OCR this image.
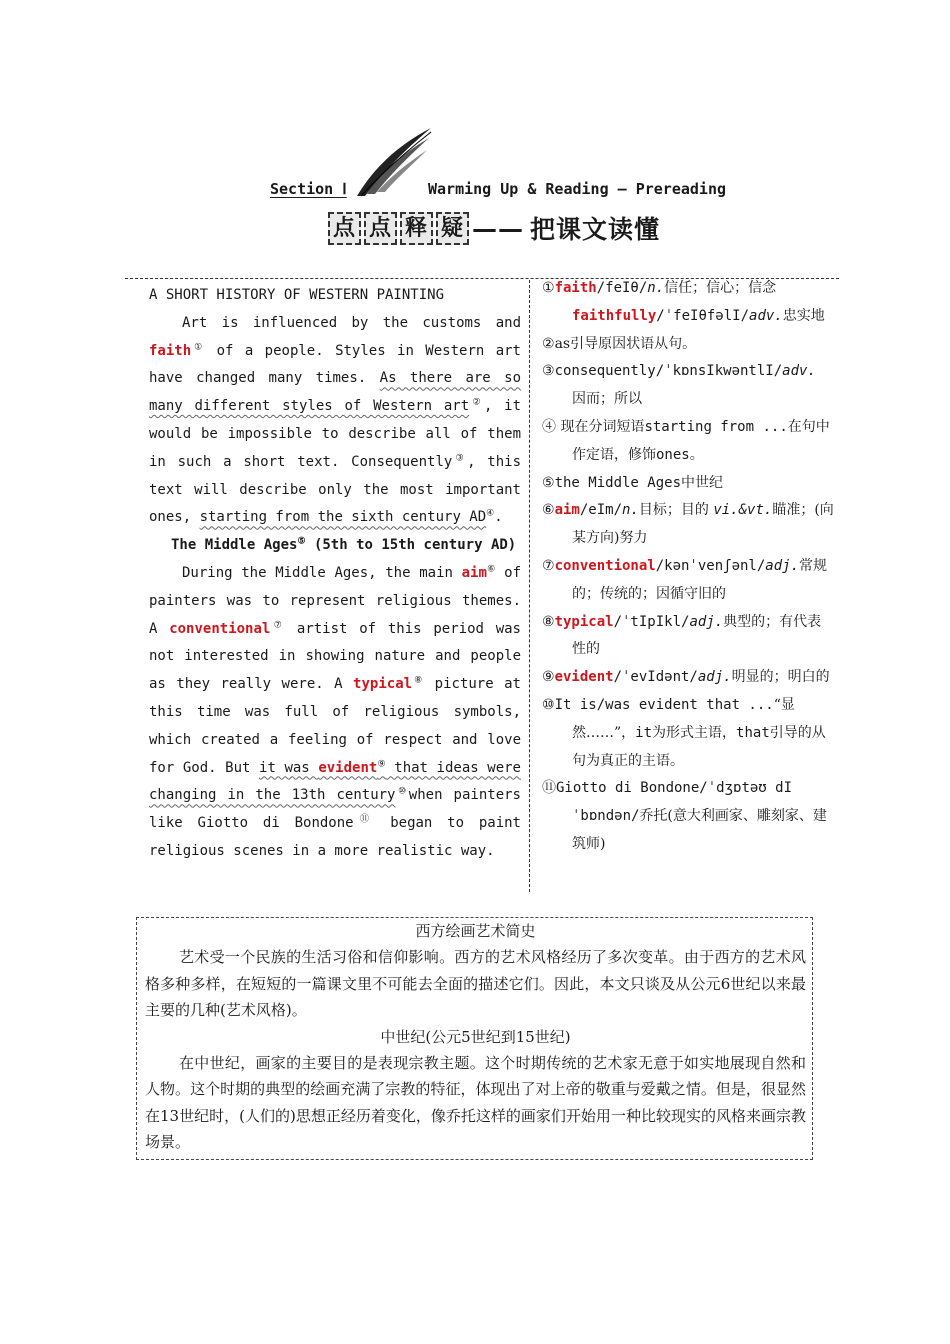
Section Ⅰ	Warming Up & Reading — Prereading
点 点 释 疑 —— 把课文读懂

A SHORT HISTORY OF WESTERN PAINTING

Art is influenced by the customs and faith① of a people. Styles in Western art have changed many times. As there are so many different styles of Western art②, it would be impossible to describe all of them in such a short text. Consequently③, this text will describe only the most important ones, starting from the sixth century AD④.

The Middle Ages⑤ (5th to 15th century AD)

During the Middle Ages, the main aim⑥ of painters was to represent religious themes. A conventional⑦ artist of this period was not interested in showing nature and people as they really were. A typical⑧ picture at this time was full of religious symbols, which created a feeling of respect and love for God. But it was evident⑨ that ideas were changing in the 13th century⑩when painters like Giotto di Bondone⑪ began to paint religious scenes in a more realistic way.

①faith/feIθ/n.信任；信心；信念
faithfully/ˈfeIθfəlI/adv.忠实地

②as引导原因状语从句。

③consequently/ˈkɒnsIkwəntlI/adv.
因而；所以

④ 现在分词短语starting from ...在句中作定语，修饰ones。

⑤the Middle Ages中世纪

⑥aim/eIm/n.目标；目的 vi.&vt.瞄准；(向某方向)努力

⑦conventional/kənˈvenʃənl/adj.常规的；传统的；因循守旧的

⑧typical/ˈtIpIkl/adj.典型的；有代表性的

⑨evident/ˈevIdənt/adj.明显的；明白的

⑩It is/was evident that ...“显然……”，it为形式主语，that引导的从句为真正的主语。

⑪Giotto di Bondone/ˈdʒɒtəʊ dIˈbɒndən/乔托(意大利画家、雕刻家、建筑师)

西方绘画艺术简史

艺术受一个民族的生活习俗和信仰影响。西方的艺术风格经历了多次变革。由于西方的艺术风格多种多样，在短短的一篇课文里不可能去全面的描述它们。因此，本文只谈及从公元6世纪以来最主要的几种(艺术风格)。

中世纪(公元5世纪到15世纪)

在中世纪，画家的主要目的是表现宗教主题。这个时期传统的艺术家无意于如实地展现自然和人物。这个时期的典型的绘画充满了宗教的特征，体现出了对上帝的敬重与爱戴之情。但是，很显然在13世纪时，(人们的)思想正经历着变化，像乔托这样的画家们开始用一种比较现实的风格来画宗教场景。
